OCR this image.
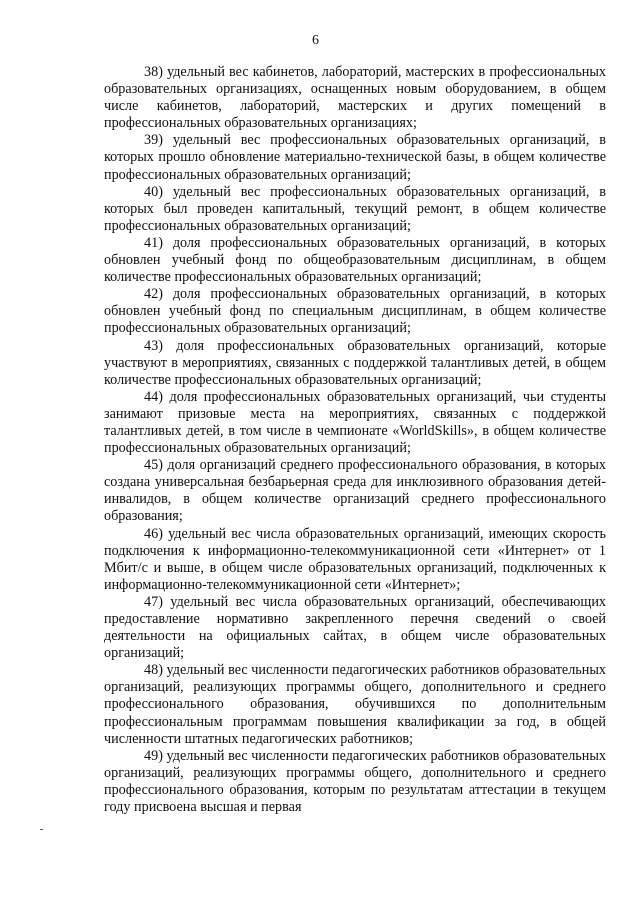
6

38) удельный вес кабинетов, лабораторий, мастерских в профессиональных образовательных организациях, оснащенных новым оборудованием, в общем числе кабинетов, лабораторий, мастерских и других помещений в профессиональных образовательных организациях;

39) удельный вес профессиональных образовательных организаций, в которых прошло обновление материально-технической базы, в общем количестве профессиональных образовательных организаций;

40) удельный вес профессиональных образовательных организаций, в которых был проведен капитальный, текущий ремонт, в общем количестве профессиональных образовательных организаций;

41) доля профессиональных образовательных организаций, в которых обновлен учебный фонд по общеобразовательным дисциплинам, в общем количестве профессиональных образовательных организаций;

42) доля профессиональных образовательных организаций, в которых обновлен учебный фонд по специальным дисциплинам, в общем количестве профессиональных образовательных организаций;

43) доля профессиональных образовательных организаций, которые участвуют в мероприятиях, связанных с поддержкой талантливых детей, в общем количестве профессиональных образовательных организаций;

44) доля профессиональных образовательных организаций, чьи студенты занимают призовые места на мероприятиях, связанных с поддержкой талантливых детей, в том числе в чемпионате «WorldSkills», в общем количестве профессиональных образовательных организаций;

45) доля организаций среднего профессионального образования, в которых создана универсальная безбарьерная среда для инклюзивного образования детей-инвалидов, в общем количестве организаций среднего профессионального образования;

46) удельный вес числа образовательных организаций, имеющих скорость подключения к информационно-телекоммуникационной сети «Интернет» от 1 Мбит/с и выше, в общем числе образовательных организаций, подключенных к информационно-телекоммуникационной сети «Интернет»;

47) удельный вес числа образовательных организаций, обеспечивающих предоставление нормативно закрепленного перечня сведений о своей деятельности на официальных сайтах, в общем числе образовательных организаций;

48) удельный вес численности педагогических работников образовательных организаций, реализующих программы общего, дополнительного и среднего профессионального образования, обучившихся по дополнительным профессиональным программам повышения квалификации за год, в общей численности штатных педагогических работников;

49) удельный вес численности педагогических работников образовательных организаций, реализующих программы общего, дополнительного и среднего профессионального образования, которым по результатам аттестации в текущем году присвоена высшая и первая
